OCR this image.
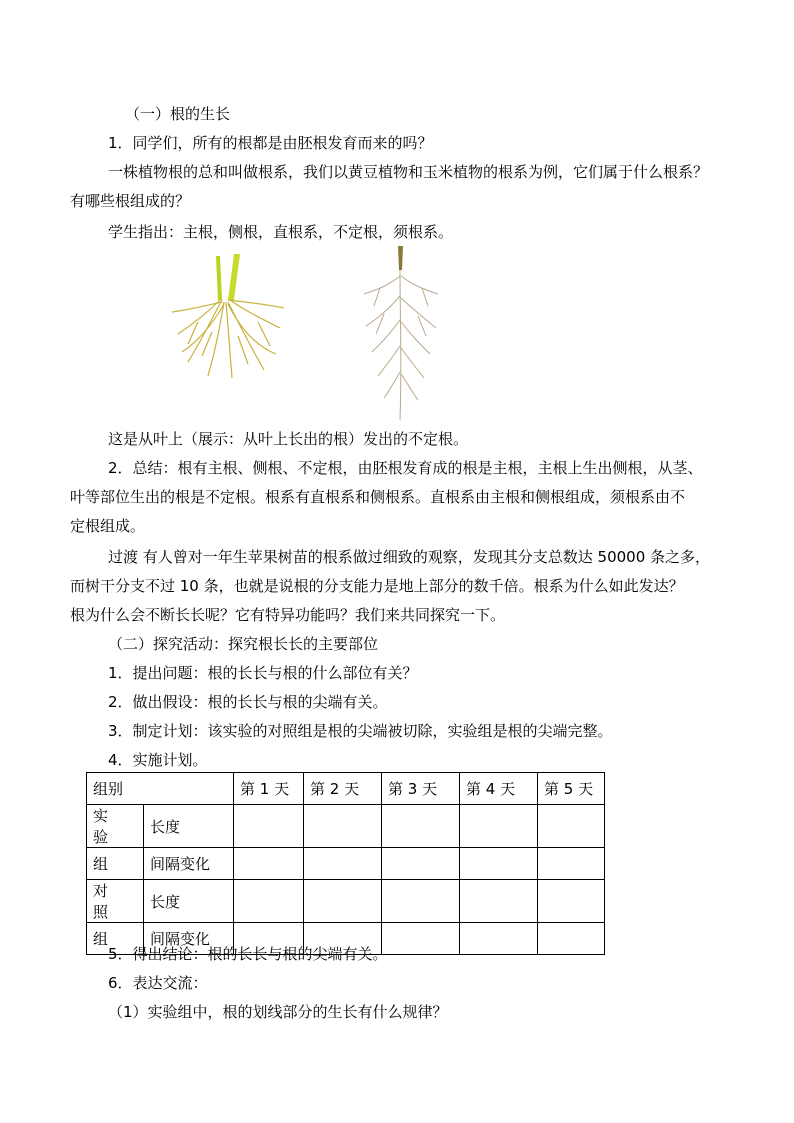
（一）根的生长
1．同学们，所有的根都是由胚根发育而来的吗？
一株植物根的总和叫做根系，我们以黄豆植物和玉米植物的根系为例，它们属于什么根系？
有哪些根组成的？
学生指出：主根，侧根，直根系，不定根，须根系。
这是从叶上（展示：从叶上长出的根）发出的不定根。
2．总结：根有主根、侧根、不定根，由胚根发育成的根是主根，主根上生出侧根，从茎、
叶等部位生出的根是不定根。根系有直根系和侧根系。直根系由主根和侧根组成，须根系由不
定根组成。
过渡 有人曾对一年生苹果树苗的根系做过细致的观察，发现其分支总数达 50000 条之多，
而树干分支不过 10 条，也就是说根的分支能力是地上部分的数千倍。根系为什么如此发达？
根为什么会不断长长呢？它有特异功能吗？我们来共同探究一下。
（二）探究活动：探究根长长的主要部位
1．提出问题：根的长长与根的什么部位有关？
2．做出假设：根的长长与根的尖端有关。
3．制定计划：该实验的对照组是根的尖端被切除，实验组是根的尖端完整。
4．实施计划。
组别		第 1 天	第 2 天	第 3 天	第 4 天	第 5 天
实验	长度					
组	间隔变化					
对照	长度					
组	间隔变化					
5．得出结论：根的长长与根的尖端有关。
6．表达交流：
（1）实验组中，根的划线部分的生长有什么规律？
